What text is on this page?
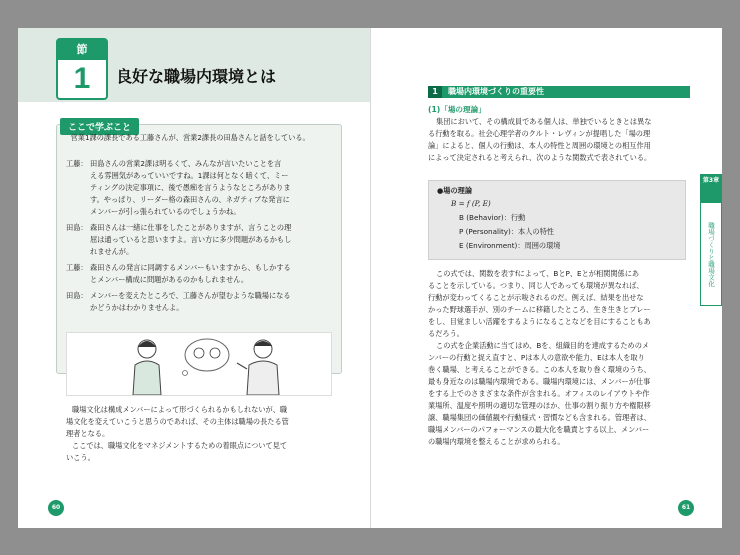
節
1	良好な職場内環境とは
ここで学ぶこと
営業1課の課長である工藤さんが、営業2課長の田島さんと話をしている。
工藤： 田島さんの営業2課は明るくて、みんなが言いたいことを言
える雰囲気があっていいですね。1課は何となく暗くて、ミー
ティングの決定事項に、後で愚痴を言うようなところがありま
す。やっぱり、リーダー格の森田さんの、ネガティブな発言に
メンバーが引っ張られているのでしょうかね。
田島： 森田さんは一緒に仕事をしたことがありますが、言うことの理
屈は通っていると思いますよ。言い方に多少問題があるかもし
れませんが。
工藤： 森田さんの発言に同調するメンバーもいますから、もしかする
とメンバー構成に問題があるのかもしれません。
田島： メンバーを変えたところで、工藤さんが望むような職場になる
かどうかはわかりませんよ。
職場文化は構成メンバーによって形づくられるかもしれないが、職
場文化を変えていこうと思うのであれば、その主体は職場の長たる管
理者となる。
ここでは、職場文化をマネジメントするための着眼点について見て
いこう。
60
1	職場内環境づくりの重要性
(1)「場の理論」
集団において、その構成員である個人は、単独でいるときとは異な
る行動を取る。社会心理学者のクルト・レヴィンが提唱した「場の理
論」によると、個人の行動は、本人の特性と周囲の環境との相互作用
によって決定されると考えられ、次のような関数式で表されている。
●場の理論
B = f (P, E)
B (Behavior)：行動
P (Personality)：本人の特性
E (Environment)：周囲の環境
この式では、関数を表すfによって、BとP、Eとが相関関係にあ
ることを示している。つまり、同じ人であっても環境が異なれば、
行動が変わってくることが示唆されるのだ。例えば、結果を出せな
かった野球選手が、別のチームに移籍したところ、生き生きとプレー
をし、目覚ましい活躍をするようになることなどを目にすることもあ
るだろう。
この式を企業活動に当てはめ、Bを、組織目的を達成するためのメ
ンバーの行動と捉え直すと、Pは本人の意欲や能力、Eは本人を取り
巻く職場、と考えることができる。この本人を取り巻く環境のうち、
最も身近なのは職場内環境である。職場内環境には、メンバーが仕事
をする上でのさまざまな条件が含まれる。オフィスのレイアウトや作
業場所、温度や照明の適切な管理のほか、仕事の割り振り方や権限移
譲、職場集団の価値観や行動様式・習慣なども含まれる。管理者は、
職場メンバーのパフォーマンスの最大化を職責とする以上、メンバー
の職場内環境を整えることが求められる。
第3章
職場づくりと職場文化
61
